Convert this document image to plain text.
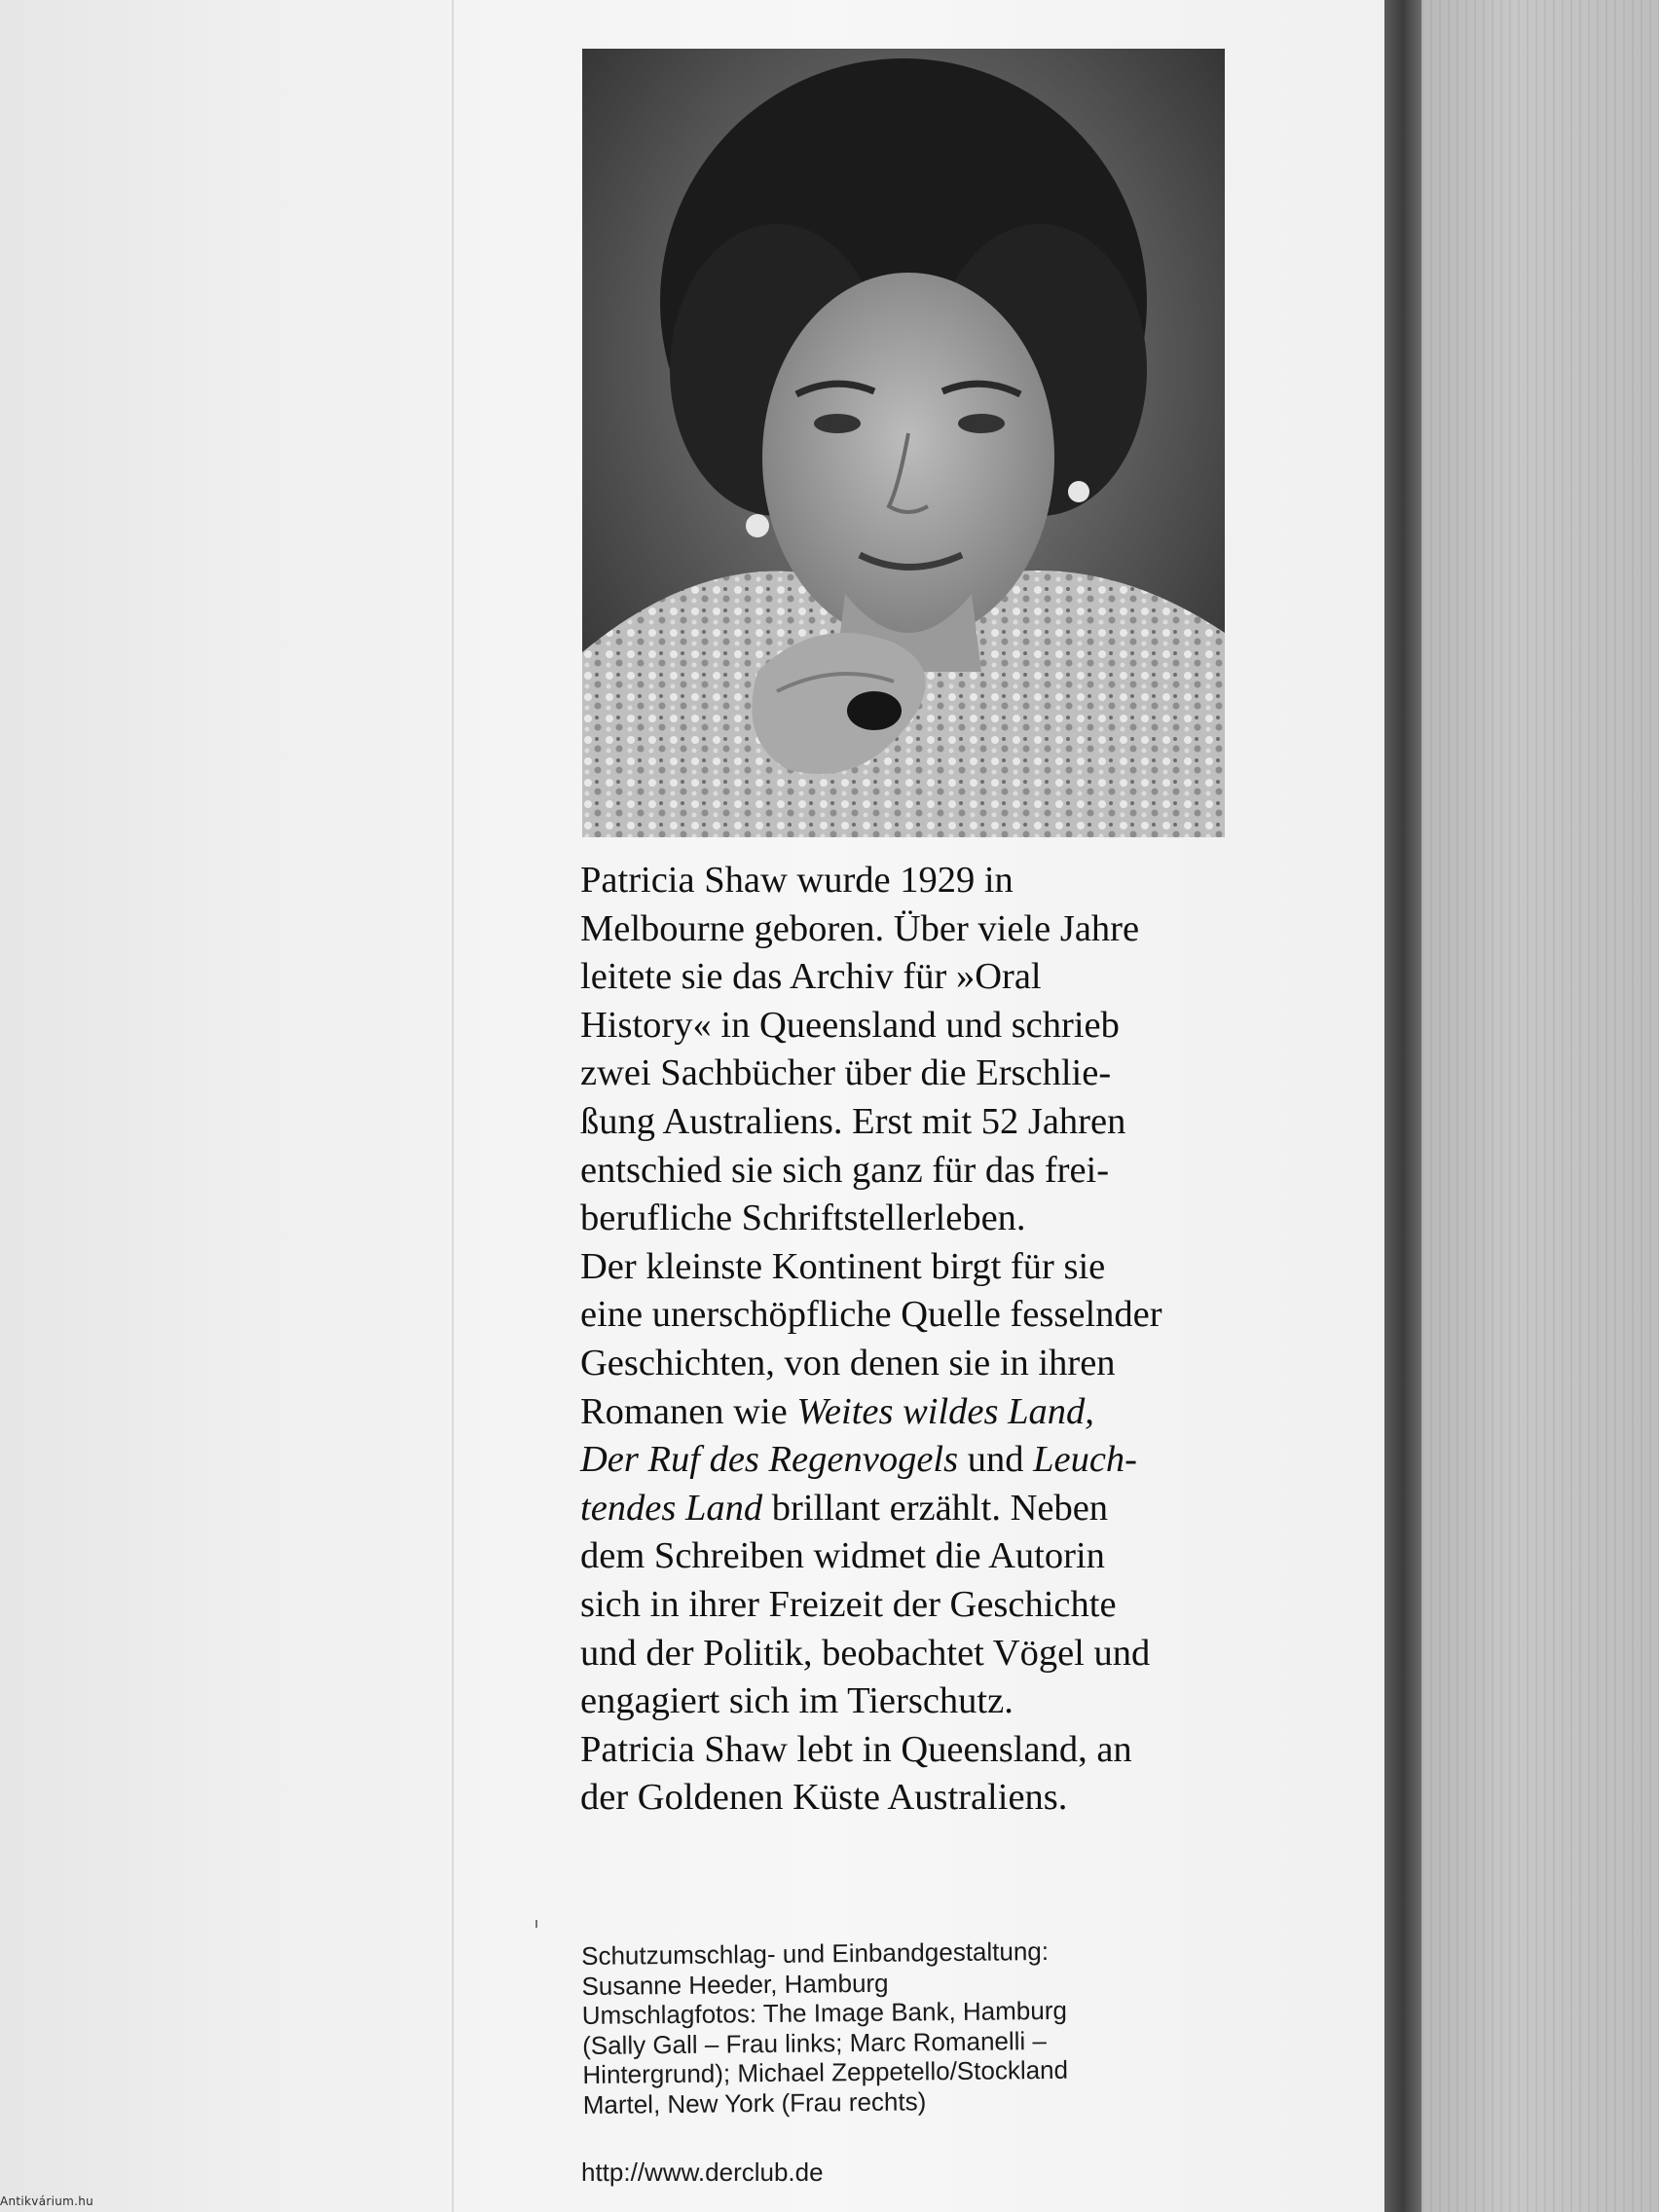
Antikvárium.hu
Patricia Shaw wurde 1929 in
Melbourne geboren. Über viele Jahre
leitete sie das Archiv für »Oral
History« in Queensland und schrieb
zwei Sachbücher über die Erschlie-
ßung Australiens. Erst mit 52 Jahren
entschied sie sich ganz für das frei-
berufliche Schriftstellerleben.
Der kleinste Kontinent birgt für sie
eine unerschöpfliche Quelle fesselnder
Geschichten, von denen sie in ihren
Romanen wie Weites wildes Land,
Der Ruf des Regenvogels und Leuch-
tendes Land brillant erzählt. Neben
dem Schreiben widmet die Autorin
sich in ihrer Freizeit der Geschichte
und der Politik, beobachtet Vögel und
engagiert sich im Tierschutz.
Patricia Shaw lebt in Queensland, an
der Goldenen Küste Australiens.
Schutzumschlag- und Einbandgestaltung:
Susanne Heeder, Hamburg
Umschlagfotos: The Image Bank, Hamburg
(Sally Gall – Frau links; Marc Romanelli –
Hintergrund); Michael Zeppetello/Stockland
Martel, New York (Frau rechts)
http://www.derclub.de
